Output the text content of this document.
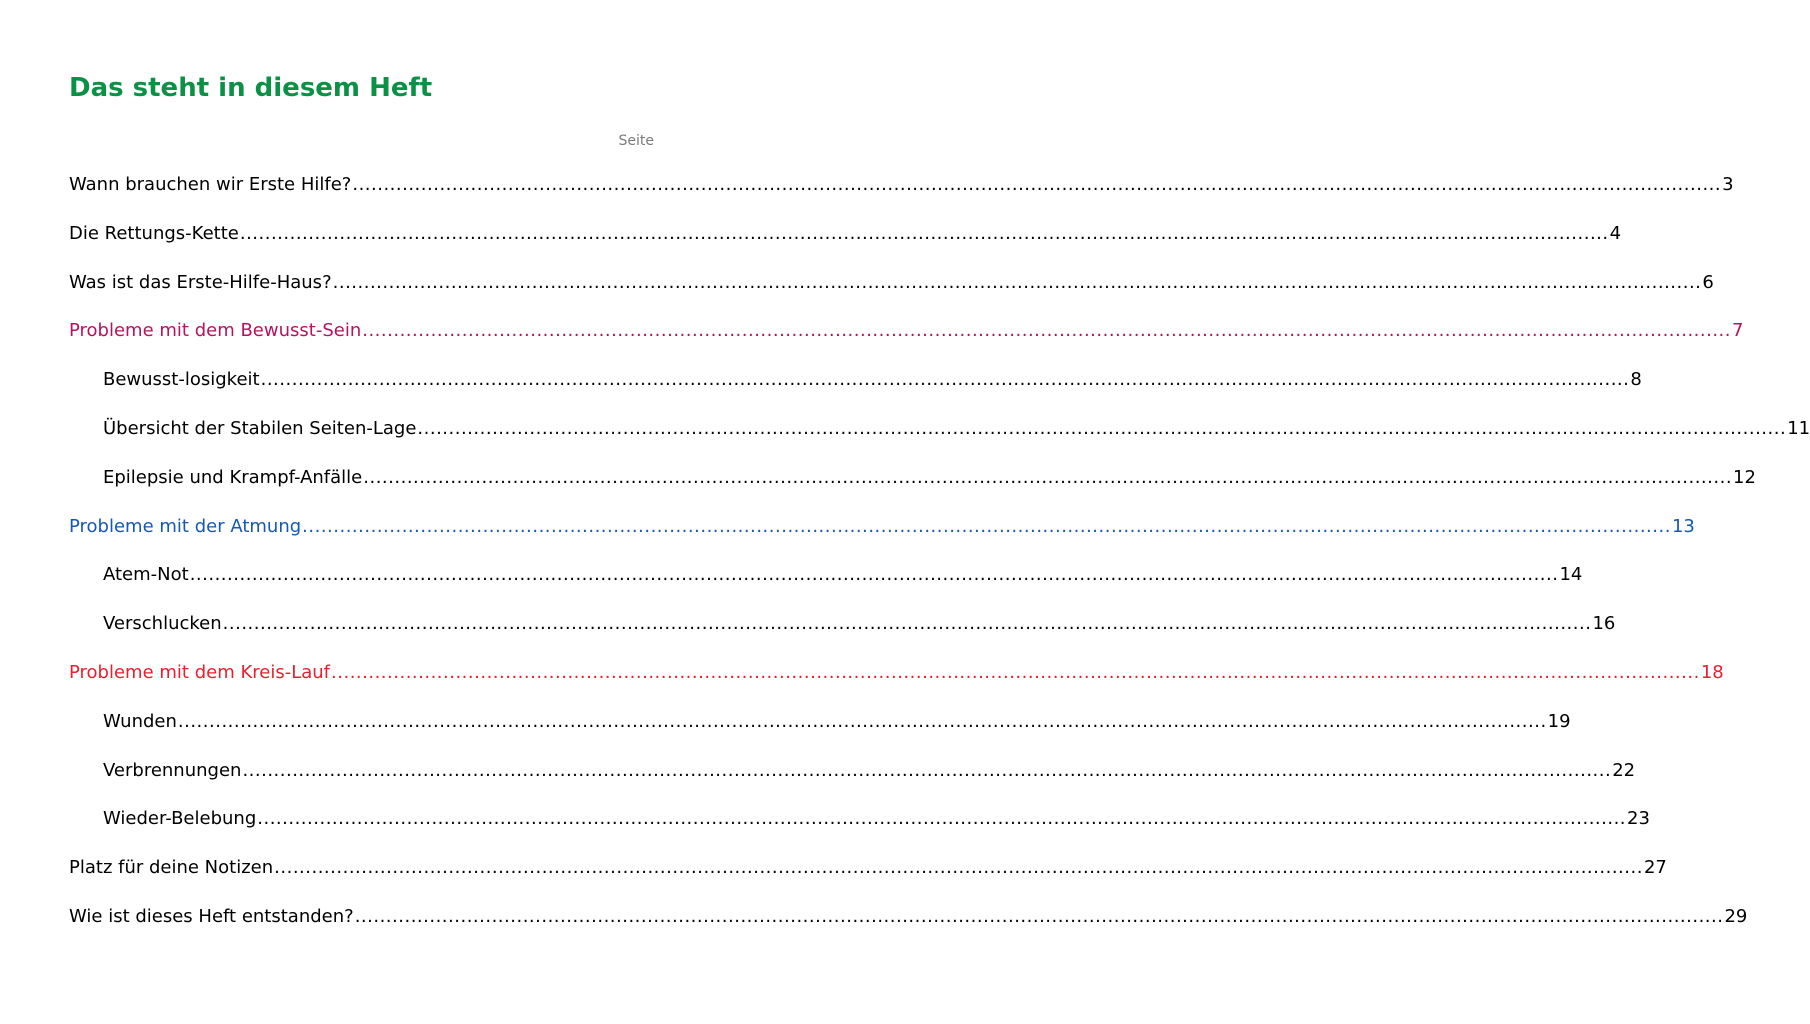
Das steht in diesem Heft
Seite
Wann brauchen wir Erste Hilfe? ............................................................................................................................................................................................................................ 3
Die Rettungs-Kette ............................................................................................................................................................................................................................ 4
Was ist das Erste-Hilfe-Haus? ............................................................................................................................................................................................................................ 6
Probleme mit dem Bewusst-Sein ............................................................................................................................................................................................................................ 7
Bewusst-losigkeit ............................................................................................................................................................................................................................ 8
Übersicht der Stabilen Seiten-Lage ............................................................................................................................................................................................................................ 11
Epilepsie und Krampf-Anfälle ............................................................................................................................................................................................................................ 12
Probleme mit der Atmung ............................................................................................................................................................................................................................ 13
Atem-Not ............................................................................................................................................................................................................................ 14
Verschlucken ............................................................................................................................................................................................................................ 16
Probleme mit dem Kreis-Lauf ............................................................................................................................................................................................................................ 18
Wunden ............................................................................................................................................................................................................................ 19
Verbrennungen ............................................................................................................................................................................................................................ 22
Wieder-Belebung ............................................................................................................................................................................................................................ 23
Platz für deine Notizen ............................................................................................................................................................................................................................ 27
Wie ist dieses Heft entstanden? ............................................................................................................................................................................................................................ 29
